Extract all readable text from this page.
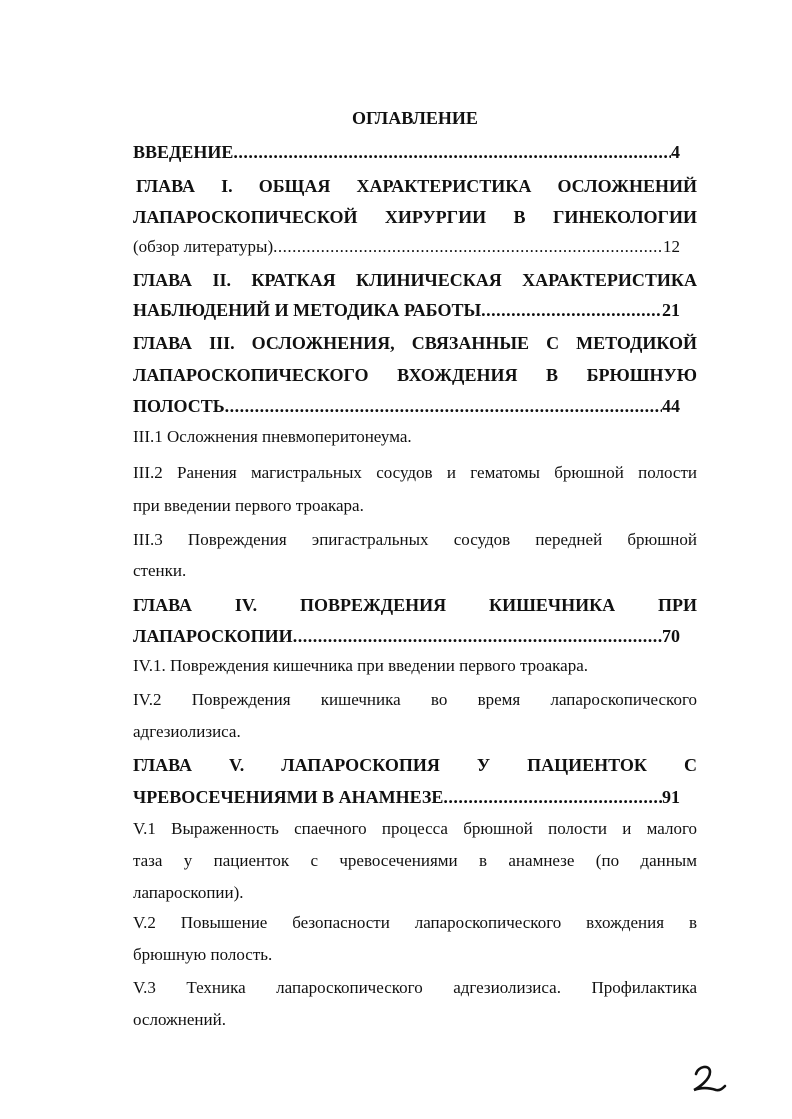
ОГЛАВЛЕНИЕ
ВВЕДЕНИЕ .....	4
ГЛАВА I. ОБЩАЯ ХАРАКТЕРИСТИКА ОСЛОЖНЕНИЙ
ЛАПАРОСКОПИЧЕСКОЙ ХИРУРГИИ В ГИНЕКОЛОГИИ
(обзор литературы) .....	12
ГЛАВА II. КРАТКАЯ КЛИНИЧЕСКАЯ ХАРАКТЕРИСТИКА
НАБЛЮДЕНИЙ И МЕТОДИКА РАБОТЫ .....	21
ГЛАВА III. ОСЛОЖНЕНИЯ, СВЯЗАННЫЕ С МЕТОДИКОЙ
ЛАПАРОСКОПИЧЕСКОГО ВХОЖДЕНИЯ В БРЮШНУЮ
ПОЛОСТЬ .....	44
III.1 Осложнения пневмоперитонеума.
III.2 Ранения магистральных сосудов и гематомы брюшной полости
при введении первого троакара.
III.3 Повреждения эпигастральных сосудов передней брюшной
стенки.
ГЛАВА IV. ПОВРЕЖДЕНИЯ КИШЕЧНИКА ПРИ
ЛАПАРОСКОПИИ .....	70
IV.1. Повреждения кишечника при введении первого троакара.
IV.2 Повреждения кишечника во время лапароскопического
адгезиолизиса.
ГЛАВА V. ЛАПАРОСКОПИЯ У ПАЦИЕНТОК С
ЧРЕВОСЕЧЕНИЯМИ В АНАМНЕЗЕ .....	91
V.1 Выраженность спаечного процесса брюшной полости и малого
таза у пациенток с чревосечениями в анамнезе (по данным
лапароскопии).
V.2 Повышение безопасности лапароскопического вхождения в
брюшную полость.
V.3 Техника лапароскопического адгезиолизиса. Профилактика
осложнений.
